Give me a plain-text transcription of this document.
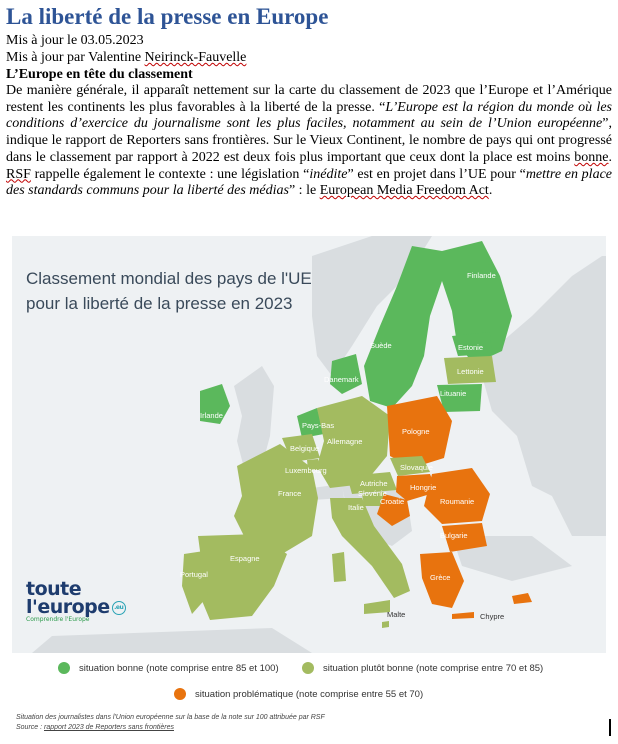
La liberté de la presse en Europe
Mis à jour le 03.05.2023
Mis à jour par Valentine Neirinck-Fauvelle
L’Europe en tête du classement

De manière générale, il apparaît nettement sur la carte du classement de 2023 que l’Europe et l’Amérique restent les continents les plus favorables à la liberté de la presse. “L’Europe est la région du monde où les conditions d’exercice du journalisme sont les plus faciles, notamment au sein de l’Union européenne”, indique le rapport de Reporters sans frontières. Sur le Vieux Continent, le nombre de pays qui ont progressé dans le classement par rapport à 2022 est deux fois plus important que ceux dont la place est moins bonne. RSF rappelle également le contexte : une législation “inédite” est en projet dans l’UE pour “mettre en place des standards communs pour la liberté des médias” : le European Media Freedom Act.

Finlande
Suède	Estonie
Lettonie
Lituanie
Danemark
Irlande
Pays-Bas
Belgique
Luxembourg
Allemagne
Pologne
Slovaquie
Autriche	Hongrie
Slovénie
Croatie	Roumanie
Bulgarie
Grèce
France
Italie
Espagne
Portugal
Malte	Chypre
Classement mondial des pays de l'UE
pour la liberté de la presse en 2023
toute
l'europe .eu
Comprendre l'Europe
situation bonne (note comprise entre 85 et 100)	situation plutôt bonne (note comprise entre 70 et 85)
situation problématique (note comprise entre 55 et 70)
Situation des journalistes dans l'Union européenne sur la base de la note sur 100 attribuée par RSF
Source : rapport 2023 de Reporters sans frontières
